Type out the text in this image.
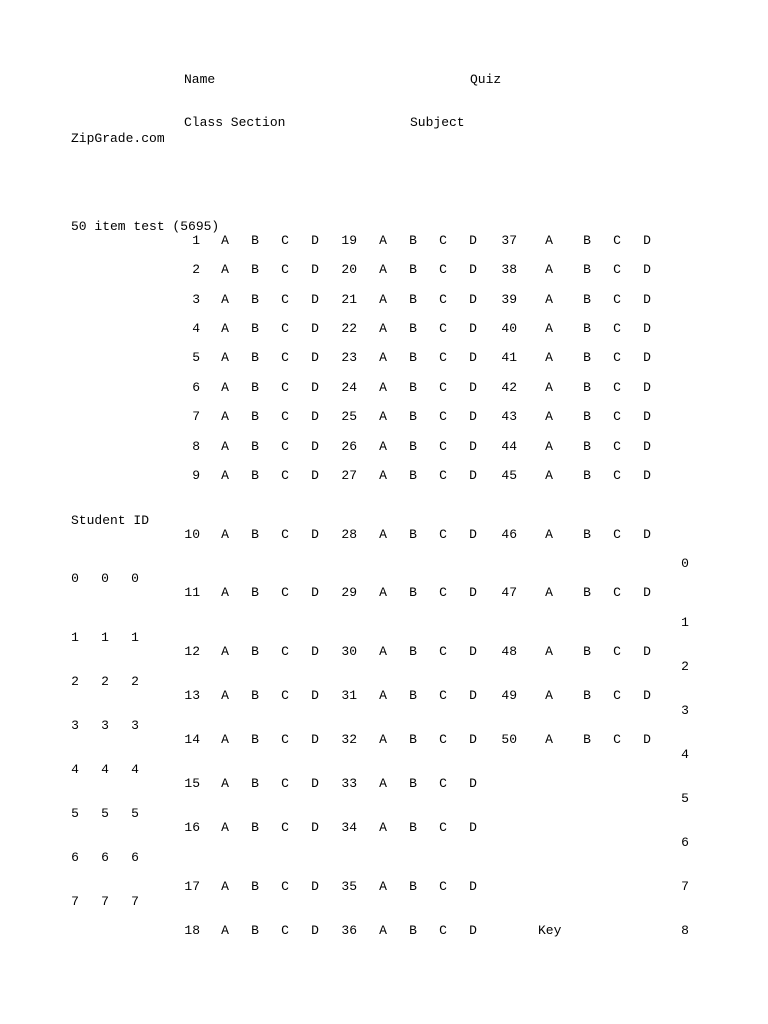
Name	Quiz
Class Section	Subject
ZipGrade.com
50 item test (5695)
Student ID
Key
1 A B C D
2 A B C D
3 A B C D
4 A B C D
5 A B C D
6 A B C D
7 A B C D
8 A B C D
9 A B C D
10 A B C D
11 A B C D
12 A B C D
13 A B C D
14 A B C D
15 A B C D
16 A B C D
17 A B C D
18 A B C D
19 A B C D
20 A B C D
21 A B C D
22 A B C D
23 A B C D
24 A B C D
25 A B C D
26 A B C D
27 A B C D
28 A B C D
29 A B C D
30 A B C D
31 A B C D
32 A B C D
33 A B C D
34 A B C D
35 A B C D
36 A B C D
37 A B C D
38 A B C D
39 A B C D
40 A B C D
41 A B C D
42 A B C D
43 A B C D
44 A B C D
45 A B C D
46 A B C D
47 A B C D
48 A B C D
49 A B C D
50 A B C D
0 0 0
1 1 1
2 2 2
3 3 3
4 4 4
5 5 5
6 6 6
7 7 7
0
1
2
3
4
5
6
7
8
